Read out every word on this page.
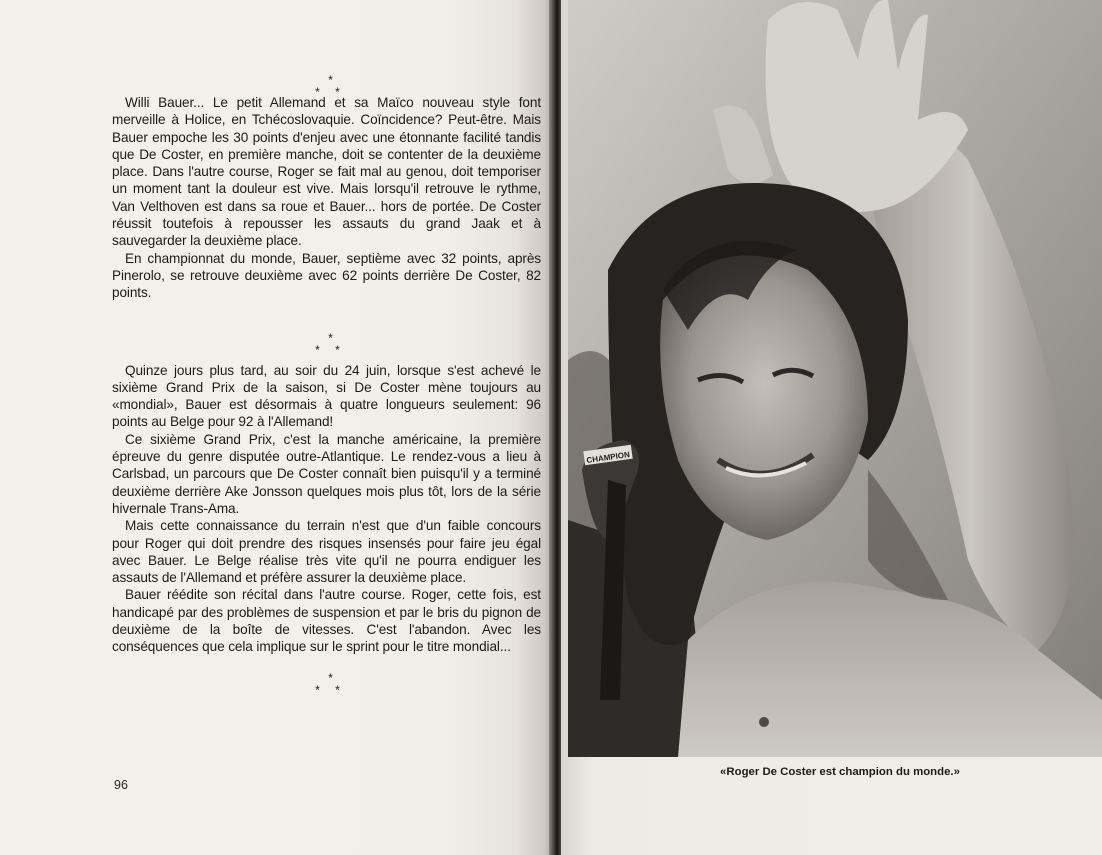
*
* *

Willi Bauer... Le petit Allemand et sa Maïco nouveau style font merveille à Holice, en Tchécoslovaquie. Coïncidence? Peut-être. Mais Bauer empoche les 30 points d'enjeu avec une étonnante facilité tandis que De Coster, en première manche, doit se contenter de la deuxième place. Dans l'autre course, Roger se fait mal au genou, doit temporiser un moment tant la douleur est vive. Mais lorsqu'il retrouve le rythme, Van Velthoven est dans sa roue et Bauer... hors de portée. De Coster réussit toutefois à repousser les assauts du grand Jaak et à sauvegarder la deuxième place.

En championnat du monde, Bauer, septième avec 32 points, après Pinerolo, se retrouve deuxième avec 62 points derrière De Coster, 82 points.

*
* *

Quinze jours plus tard, au soir du 24 juin, lorsque s'est achevé le sixième Grand Prix de la saison, si De Coster mène toujours au «mondial», Bauer est désormais à quatre longueurs seulement: 96 points au Belge pour 92 à l'Allemand!

Ce sixième Grand Prix, c'est la manche américaine, la première épreuve du genre disputée outre-Atlantique. Le rendez-vous a lieu à Carlsbad, un parcours que De Coster connaît bien puisqu'il y a terminé deuxième derrière Ake Jonsson quelques mois plus tôt, lors de la série hivernale Trans-Ama.

Mais cette connaissance du terrain n'est que d'un faible concours pour Roger qui doit prendre des risques insensés pour faire jeu égal avec Bauer. Le Belge réalise très vite qu'il ne pourra endiguer les assauts de l'Allemand et préfère assurer la deuxième place.

Bauer réédite son récital dans l'autre course. Roger, cette fois, est handicapé par des problèmes de suspension et par le bris du pignon de deuxième de la boîte de vitesses. C'est l'abandon. Avec les conséquences que cela implique sur le sprint pour le titre mondial...

*
* *
96
CHAMPION
«Roger De Coster est champion du monde.»
